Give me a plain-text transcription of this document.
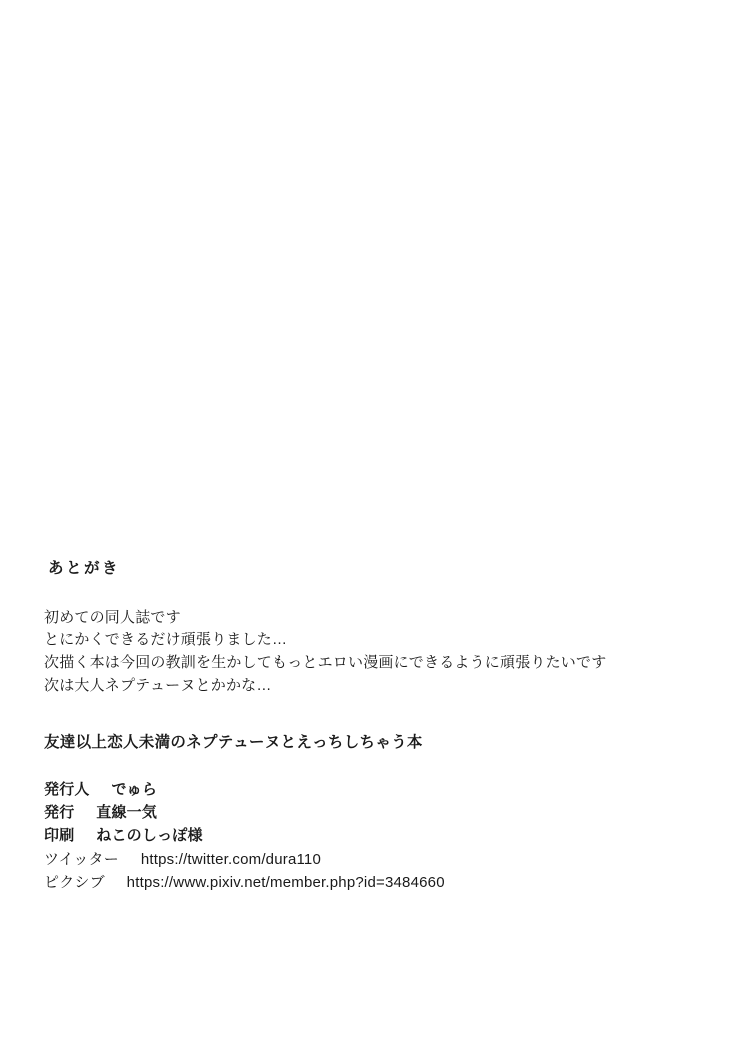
あとがき
初めての同人誌です
とにかくできるだけ頑張りました…
次描く本は今回の教訓を生かしてもっとエロい漫画にできるように頑張りたいです
次は大人ネプテューヌとかかな…
友達以上恋人未満のネプテューヌとえっちしちゃう本
発行人 でゅら
発行 直線一気
印刷 ねこのしっぽ様
ツイッター https://twitter.com/dura110
ピクシブ https://www.pixiv.net/member.php?id=3484660
